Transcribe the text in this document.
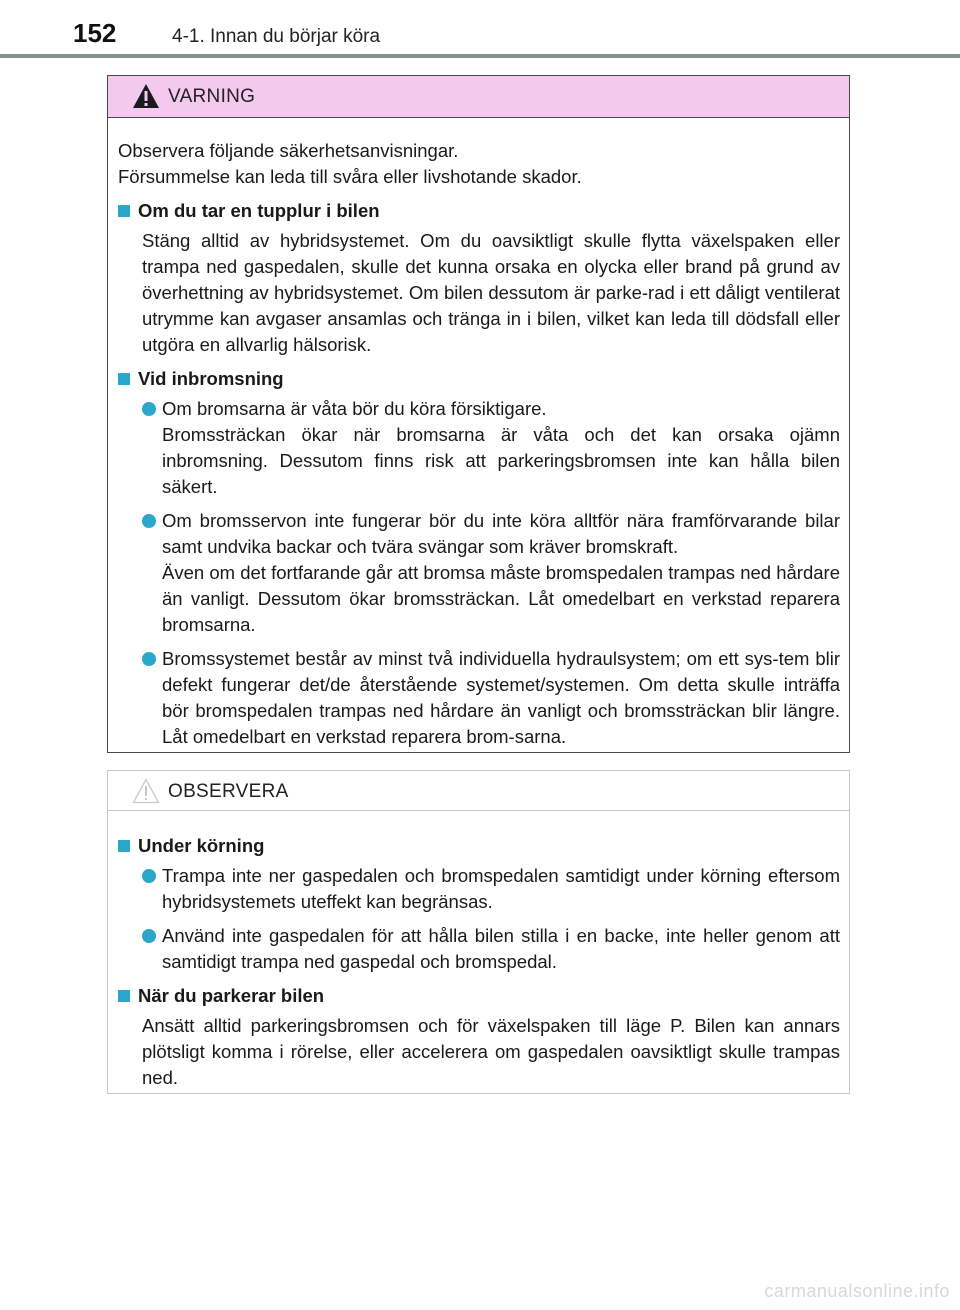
152	4-1. Innan du börjar köra
VARNING

Observera följande säkerhetsanvisningar.
Försummelse kan leda till svåra eller livshotande skador.

Om du tar en tupplur i bilen

Stäng alltid av hybridsystemet. Om du oavsiktligt skulle flytta växelspaken eller trampa ned gaspedalen, skulle det kunna orsaka en olycka eller brand på grund av överhettning av hybridsystemet. Om bilen dessutom är parke-rad i ett dåligt ventilerat utrymme kan avgaser ansamlas och tränga in i bilen, vilket kan leda till dödsfall eller utgöra en allvarlig hälsorisk.

Vid inbromsning
Om bromsarna är våta bör du köra försiktigare.
Bromssträckan ökar när bromsarna är våta och det kan orsaka ojämn inbromsning. Dessutom finns risk att parkeringsbromsen inte kan hålla bilen säkert.
Om bromsservon inte fungerar bör du inte köra alltför nära framförvarande bilar samt undvika backar och tvära svängar som kräver bromskraft.
Även om det fortfarande går att bromsa måste bromspedalen trampas ned hårdare än vanligt. Dessutom ökar bromssträckan. Låt omedelbart en verkstad reparera bromsarna.
Bromssystemet består av minst två individuella hydraulsystem; om ett sys-tem blir defekt fungerar det/de återstående systemet/systemen. Om detta skulle inträffa bör bromspedalen trampas ned hårdare än vanligt och bromssträckan blir längre. Låt omedelbart en verkstad reparera brom-sarna.
OBSERVERA
Under körning
Trampa inte ner gaspedalen och bromspedalen samtidigt under körning eftersom hybridsystemets uteffekt kan begränsas.
Använd inte gaspedalen för att hålla bilen stilla i en backe, inte heller genom att samtidigt trampa ned gaspedal och bromspedal.
När du parkerar bilen

Ansätt alltid parkeringsbromsen och för växelspaken till läge P. Bilen kan annars plötsligt komma i rörelse, eller accelerera om gaspedalen oavsiktligt skulle trampas ned.

carmanualsonline.info
